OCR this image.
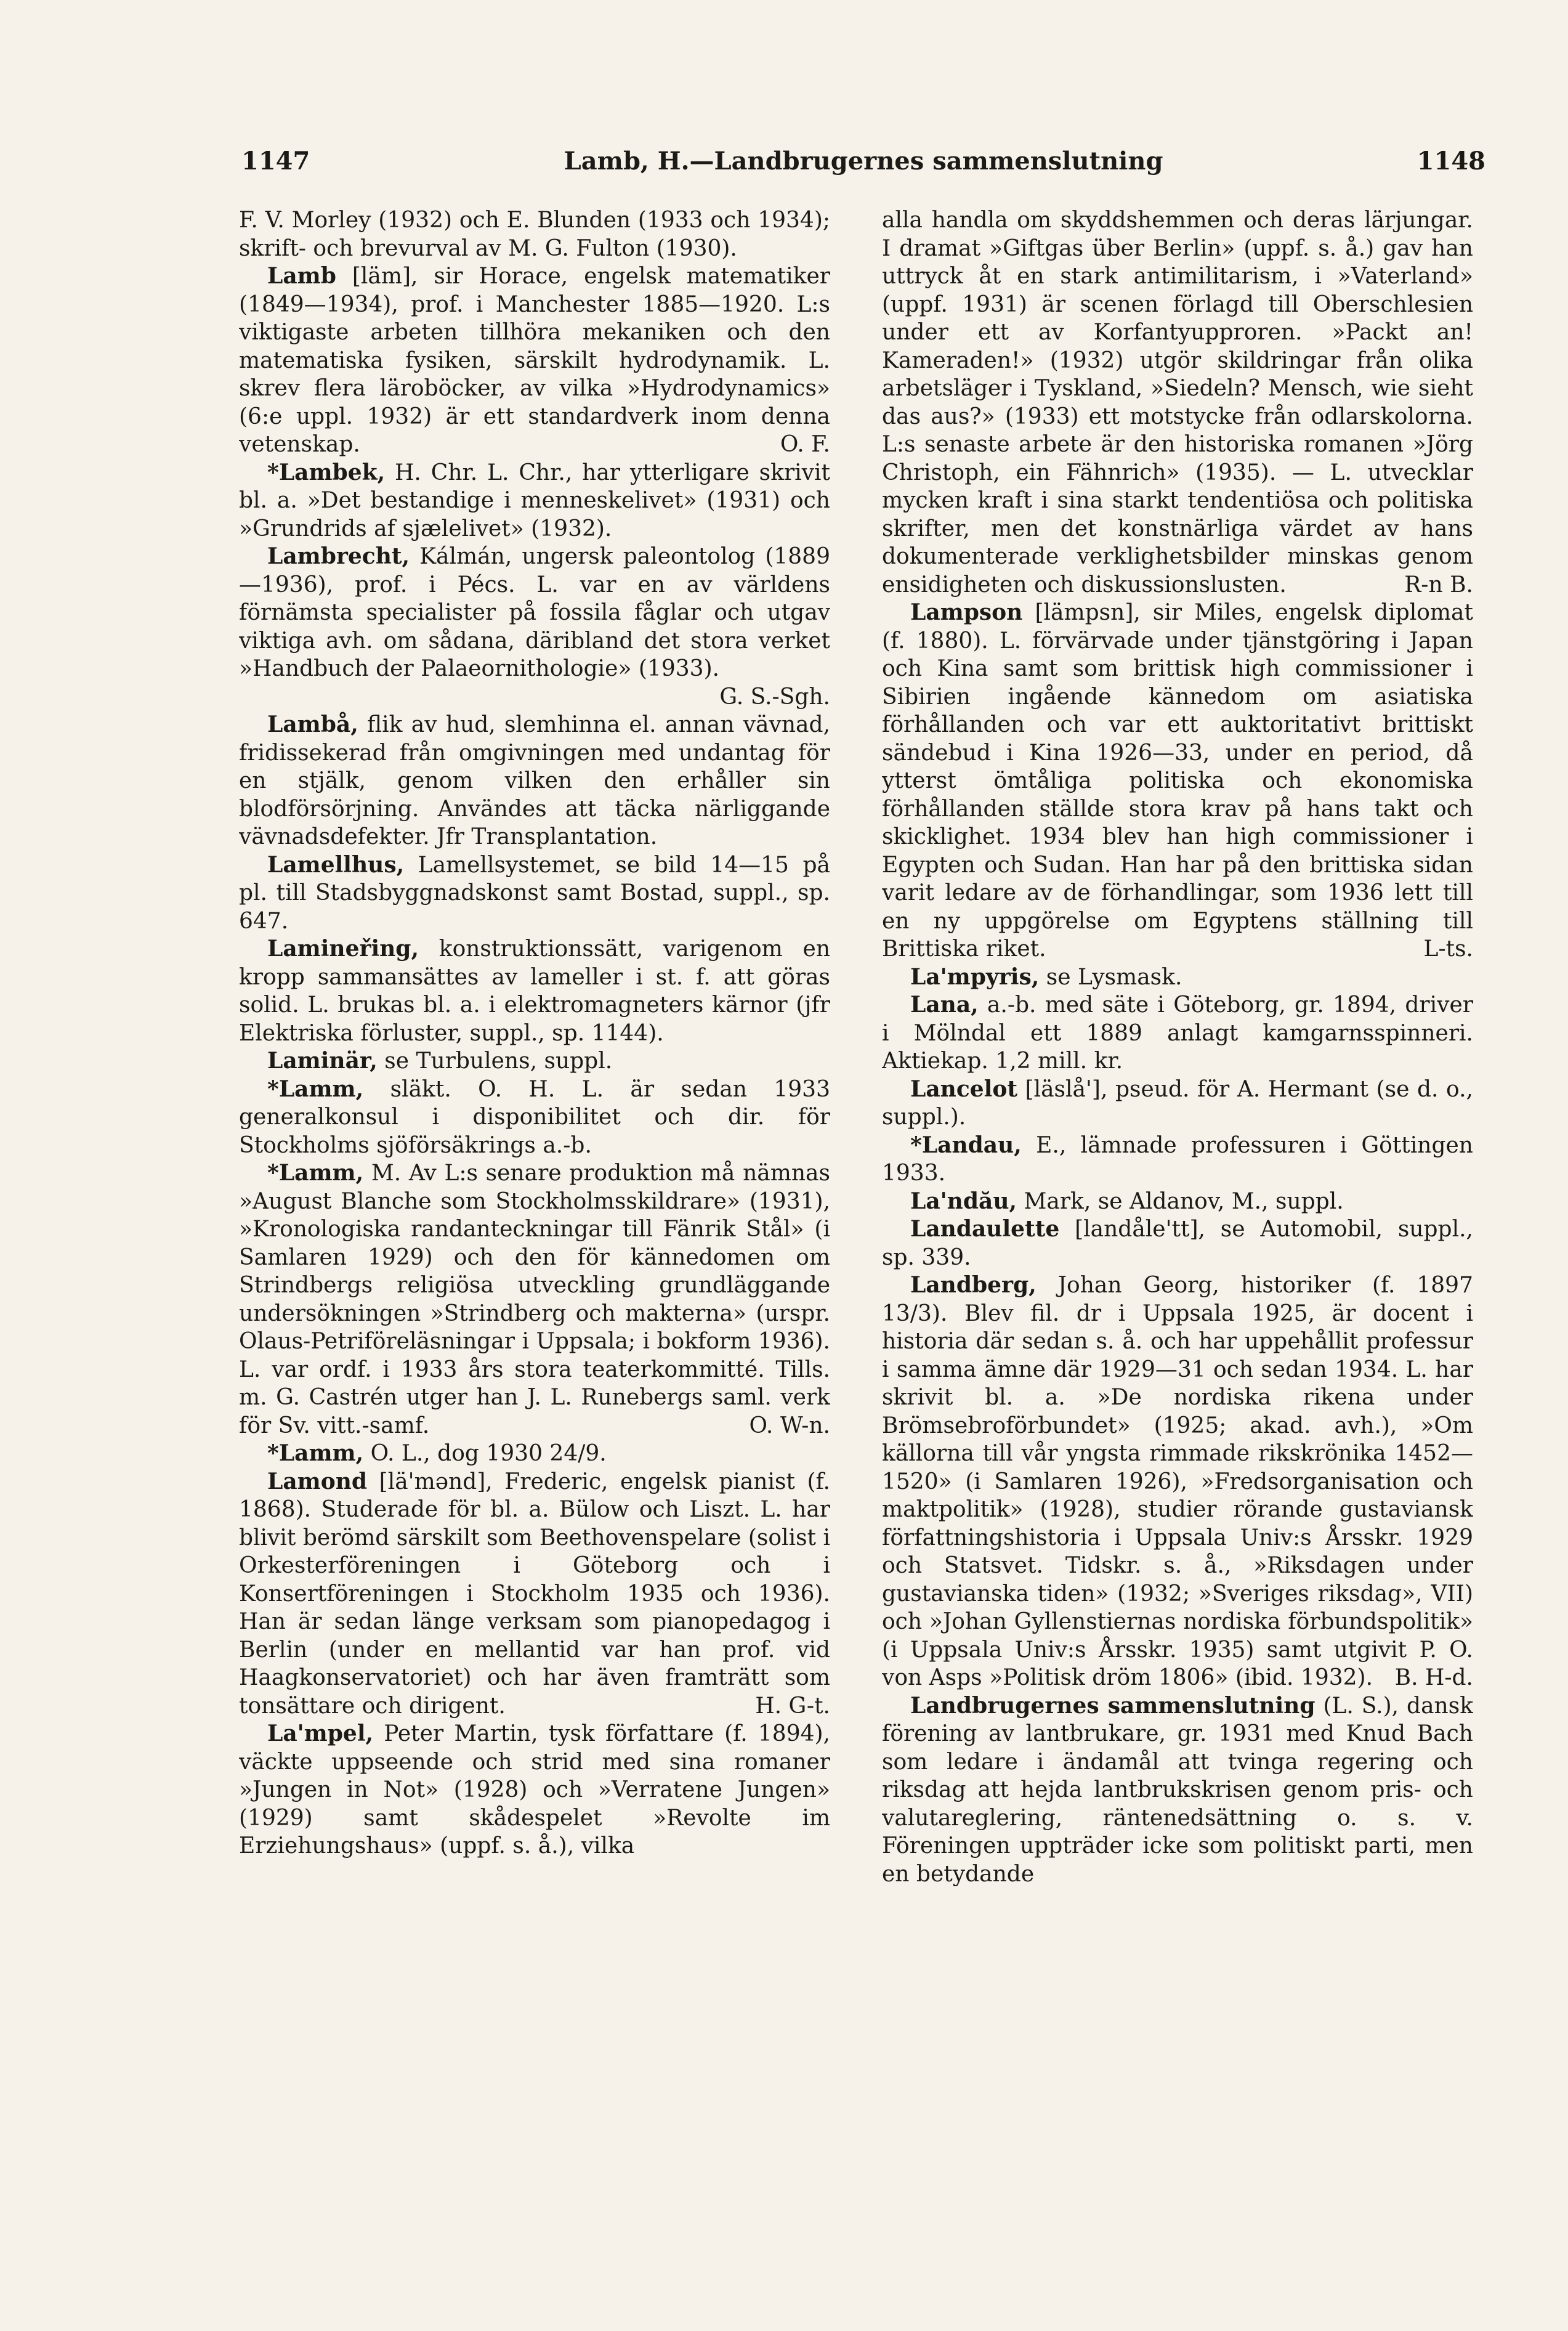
1147	Lamb, H.—Landbrugernes sammenslutning	1148

F. V. Morley (1932) och E. Blunden (1933 och 1934); skrift- och brevurval av M. G. Fulton (1930).

Lamb [läm], sir Horace, engelsk matematiker (1849—1934), prof. i Manchester 1885—1920. L:s viktigaste arbeten tillhöra mekaniken och den matematiska fysiken, särskilt hydrodynamik. L. skrev flera läroböcker, av vilka »Hydrodynamics» (6:e uppl. 1932) är ett standardverk inom denna vetenskap.	O. F.

*Lambek, H. Chr. L. Chr., har ytterligare skrivit bl. a. »Det bestandige i menneskelivet» (1931) och »Grundrids af sjælelivet» (1932).

Lambrecht, Kálmán, ungersk paleontolog (1889—1936), prof. i Pécs. L. var en av världens förnämsta specialister på fossila fåglar och utgav viktiga avh. om sådana, däribland det stora verket »Handbuch der Palaeornithologie» (1933).
G. S.-Sgh.

Lambå, flik av hud, slemhinna el. annan vävnad, fridissekerad från omgivningen med undantag för en stjälk, genom vilken den erhåller sin blodförsörjning. Användes att täcka närliggande vävnadsdefekter. Jfr Transplantation.

Lamellhus, Lamellsystemet, se bild 14—15 på pl. till Stadsbyggnadskonst samt Bostad, suppl., sp. 647.

Lamineřing, konstruktionssätt, varigenom en kropp sammansättes av lameller i st. f. att göras solid. L. brukas bl. a. i elektromagneters kärnor (jfr Elektriska förluster, suppl., sp. 1144).

Laminär, se Turbulens, suppl.

*Lamm, släkt. O. H. L. är sedan 1933 generalkonsul i disponibilitet och dir. för Stockholms sjöförsäkrings a.-b.

*Lamm, M. Av L:s senare produktion må nämnas »August Blanche som Stockholmsskildrare» (1931), »Kronologiska randanteckningar till Fänrik Stål» (i Samlaren 1929) och den för kännedomen om Strindbergs religiösa utveckling grundläggande undersökningen »Strindberg och makterna» (urspr. Olaus-Petriföreläsningar i Uppsala; i bokform 1936). L. var ordf. i 1933 års stora teaterkommitté. Tills. m. G. Castrén utger han J. L. Runebergs saml. verk för Sv. vitt.-samf.	O. W-n.

*Lamm, O. L., dog 1930 24/9.

Lamond [lä'mənd], Frederic, engelsk pianist (f. 1868). Studerade för bl. a. Bülow och Liszt. L. har blivit berömd särskilt som Beethovenspelare (solist i Orkesterföreningen i Göteborg och i Konsertföreningen i Stockholm 1935 och 1936). Han är sedan länge verksam som pianopedagog i Berlin (under en mellantid var han prof. vid Haagkonservatoriet) och har även framträtt som tonsättare och dirigent.	H. G-t.

La'mpel, Peter Martin, tysk författare (f. 1894), väckte uppseende och strid med sina romaner »Jungen in Not» (1928) och »Verratene Jungen» (1929) samt skådespelet »Revolte im Erziehungshaus» (uppf. s. å.), vilka

alla handla om skyddshemmen och deras lärjungar. I dramat »Giftgas über Berlin» (uppf. s. å.) gav han uttryck åt en stark antimilitarism, i »Vaterland» (uppf. 1931) är scenen förlagd till Oberschlesien under ett av Korfantyupproren. »Packt an! Kameraden!» (1932) utgör skildringar från olika arbetsläger i Tyskland, »Siedeln? Mensch, wie sieht das aus?» (1933) ett motstycke från odlarskolorna. L:s senaste arbete är den historiska romanen »Jörg Christoph, ein Fähnrich» (1935). — L. utvecklar mycken kraft i sina starkt tendentiösa och politiska skrifter, men det konstnärliga värdet av hans dokumenterade verklighetsbilder minskas genom ensidigheten och diskussionslusten.	R-n B.

Lampson [lämpsn], sir Miles, engelsk diplomat (f. 1880). L. förvärvade under tjänstgöring i Japan och Kina samt som brittisk high commissioner i Sibirien ingående kännedom om asiatiska förhållanden och var ett auktoritativt brittiskt sändebud i Kina 1926—33, under en period, då ytterst ömtåliga politiska och ekonomiska förhållanden ställde stora krav på hans takt och skicklighet. 1934 blev han high commissioner i Egypten och Sudan. Han har på den brittiska sidan varit ledare av de förhandlingar, som 1936 lett till en ny uppgörelse om Egyptens ställning till Brittiska riket.	L-ts.

La'mpyris, se Lysmask.

Lana, a.-b. med säte i Göteborg, gr. 1894, driver i Mölndal ett 1889 anlagt kamgarnsspinneri. Aktiekap. 1,2 mill. kr.

Lancelot [läslå'], pseud. för A. Hermant (se d. o., suppl.).

*Landau, E., lämnade professuren i Göttingen 1933.

La'ndău, Mark, se Aldanov, M., suppl.

Landaulette [landåle'tt], se Automobil, suppl., sp. 339.

Landberg, Johan Georg, historiker (f. 1897 13/3). Blev fil. dr i Uppsala 1925, är docent i historia där sedan s. å. och har uppehållit professur i samma ämne där 1929—31 och sedan 1934. L. har skrivit bl. a. »De nordiska rikena under Brömsebroförbundet» (1925; akad. avh.), »Om källorna till vår yngsta rimmade rikskrönika 1452—1520» (i Samlaren 1926), »Fredsorganisation och maktpolitik» (1928), studier rörande gustaviansk författningshistoria i Uppsala Univ:s Årsskr. 1929 och Statsvet. Tidskr. s. å., »Riksdagen under gustavianska tiden» (1932; »Sveriges riksdag», VII) och »Johan Gyllenstiernas nordiska förbundspolitik» (i Uppsala Univ:s Årsskr. 1935) samt utgivit P. O. von Asps »Politisk dröm 1806» (ibid. 1932). B. H-d.

Landbrugernes sammenslutning (L. S.), dansk förening av lantbrukare, gr. 1931 med Knud Bach som ledare i ändamål att tvinga regering och riksdag att hejda lantbrukskrisen genom pris- och valutareglering, räntenedsättning o. s. v. Föreningen uppträder icke som politiskt parti, men en betydande
